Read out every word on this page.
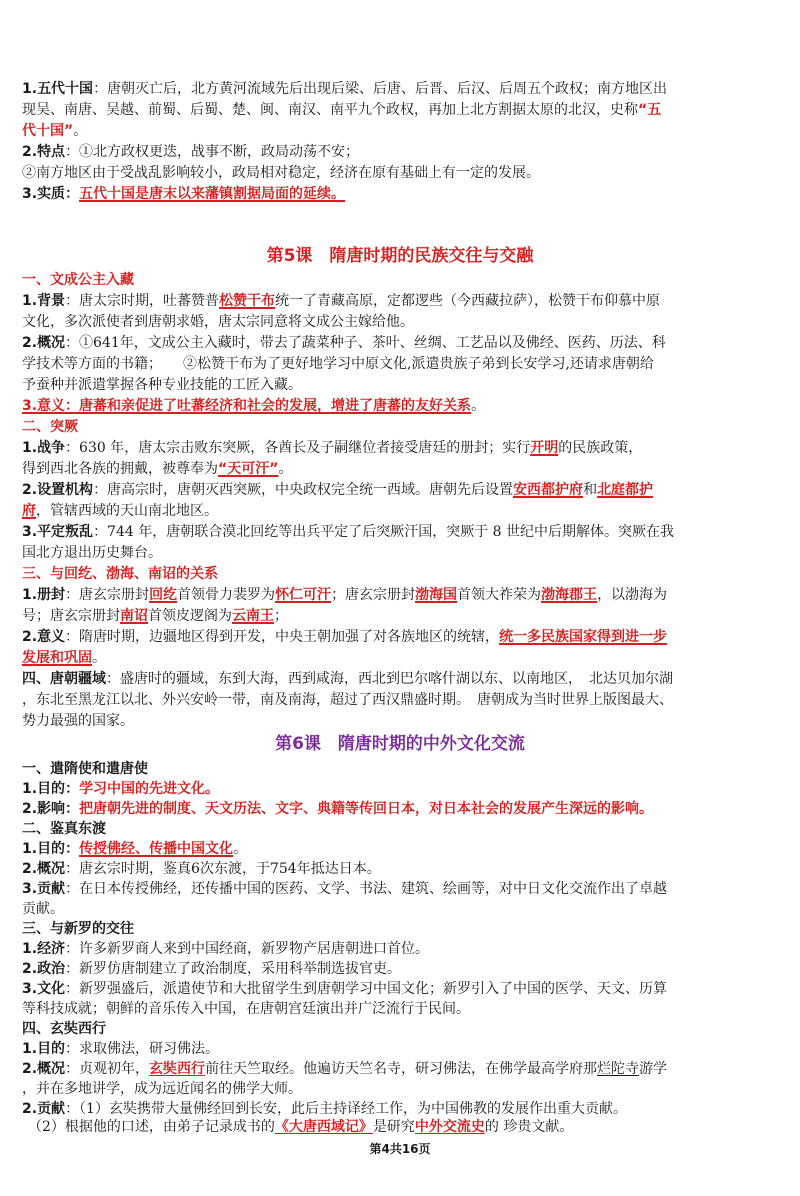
1.五代十国：唐朝灭亡后，北方黄河流域先后出现后梁、后唐、后晋、后汉、后周五个政权；南方地区出
现吴、南唐、吴越、前蜀、后蜀、楚、闽、南汉、南平九个政权，再加上北方割据太原的北汉，史称“五
代十国”。
2.特点：①北方政权更迭，战事不断，政局动荡不安；
②南方地区由于受战乱影响较小，政局相对稳定，经济在原有基础上有一定的发展。
3.实质：五代十国是唐末以来藩镇割据局面的延续。
第5课　隋唐时期的民族交往与交融
一、文成公主入藏
1.背景：唐太宗时期，吐蕃赞普松赞干布统一了青藏高原，定都逻些（今西藏拉萨），松赞干布仰慕中原
文化，多次派使者到唐朝求婚，唐太宗同意将文成公主嫁给他。
2.概况：①641年，文成公主入藏时，带去了蔬菜种子、茶叶、丝绸、工艺品以及佛经、医药、历法、科
学技术等方面的书籍；　　②松赞干布为了更好地学习中原文化,派遣贵族子弟到长安学习,还请求唐朝给
予蚕种并派遣掌握各种专业技能的工匠入藏。
3.意义：唐蕃和亲促进了吐蕃经济和社会的发展，增进了唐蕃的友好关系。
二、突厥
1.战争：630 年，唐太宗击败东突厥，各酋长及子嗣继位者接受唐廷的册封；实行开明的民族政策，
得到西北各族的拥戴，被尊奉为“天可汗”。
2.设置机构：唐高宗时，唐朝灭西突厥，中央政权完全统一西域。唐朝先后设置安西都护府和北庭都护
府，管辖西域的天山南北地区。
3.平定叛乱：744 年，唐朝联合漠北回纥等出兵平定了后突厥汗国，突厥于 8 世纪中后期解体。突厥在我
国北方退出历史舞台。
三、与回纥、渤海、南诏的关系
1.册封：唐玄宗册封回纥首领骨力裴罗为怀仁可汗；唐玄宗册封渤海国首领大祚荣为渤海郡王，以渤海为
号；唐玄宗册封南诏首领皮逻阁为云南王；
2.意义：隋唐时期，边疆地区得到开发，中央王朝加强了对各族地区的统辖，统一多民族国家得到进一步
发展和巩固。
四、唐朝疆域：盛唐时的疆域，东到大海，西到咸海，西北到巴尔喀什湖以东、以南地区，　北达贝加尔湖
，东北至黑龙江以北、外兴安岭一带，南及南海，超过了西汉鼎盛时期。　唐朝成为当时世界上版图最大、
势力最强的国家。
第6课　隋唐时期的中外文化交流
一、遣隋使和遣唐使
1.目的：学习中国的先进文化。
2.影响：把唐朝先进的制度、天文历法、文字、典籍等传回日本，对日本社会的发展产生深远的影响。
二、鉴真东渡
1.目的：传授佛经、传播中国文化。
2.概况：唐玄宗时期，鉴真6次东渡，于754年抵达日本。
3.贡献：在日本传授佛经，还传播中国的医药、文学、书法、建筑、绘画等，对中日文化交流作出了卓越
贡献。
三、与新罗的交往
1.经济：许多新罗商人来到中国经商，新罗物产居唐朝进口首位。
2.政治：新罗仿唐制建立了政治制度，采用科举制选拔官吏。
3.文化：新罗强盛后，派遣使节和大批留学生到唐朝学习中国文化；新罗引入了中国的医学、天文、历算
等科技成就；朝鲜的音乐传入中国，在唐朝宫廷演出并广泛流行于民间。
四、玄奘西行
1.目的：求取佛法，研习佛法。
2.概况：贞观初年，玄奘西行前往天竺取经。他遍访天竺名寺，研习佛法，在佛学最高学府那烂陀寺游学
，并在多地讲学，成为远近闻名的佛学大师。
2.贡献：（1）玄奘携带大量佛经回到长安，此后主持译经工作，为中国佛教的发展作出重大贡献。
（2）根据他的口述，由弟子记录成书的《大唐西域记》是研究中外交流史的 珍贵文献。
第4共16页
